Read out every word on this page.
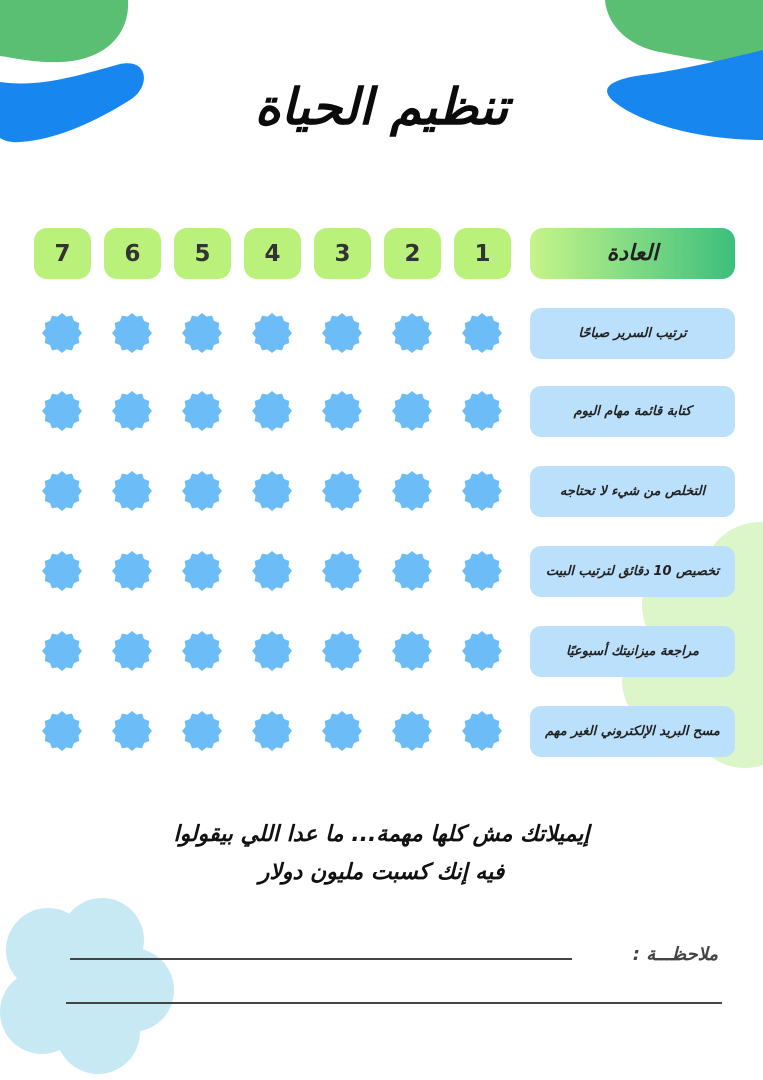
تنظيم الحياة
العادة
1
2
3
4
5
6
7
ترتيب السرير صباحًا
كتابة قائمة مهام اليوم
التخلص من شيء لا تحتاجه
تخصيص 10 دقائق لترتيب البيت
مراجعة ميزانيتك أسبوعيًا
مسح البريد الإلكتروني الغير مهم
إيميلاتك مش كلها مهمة... ما عدا اللي بيقولوا
فيه إنك كسبت مليون دولار
ملاحظـــة :
